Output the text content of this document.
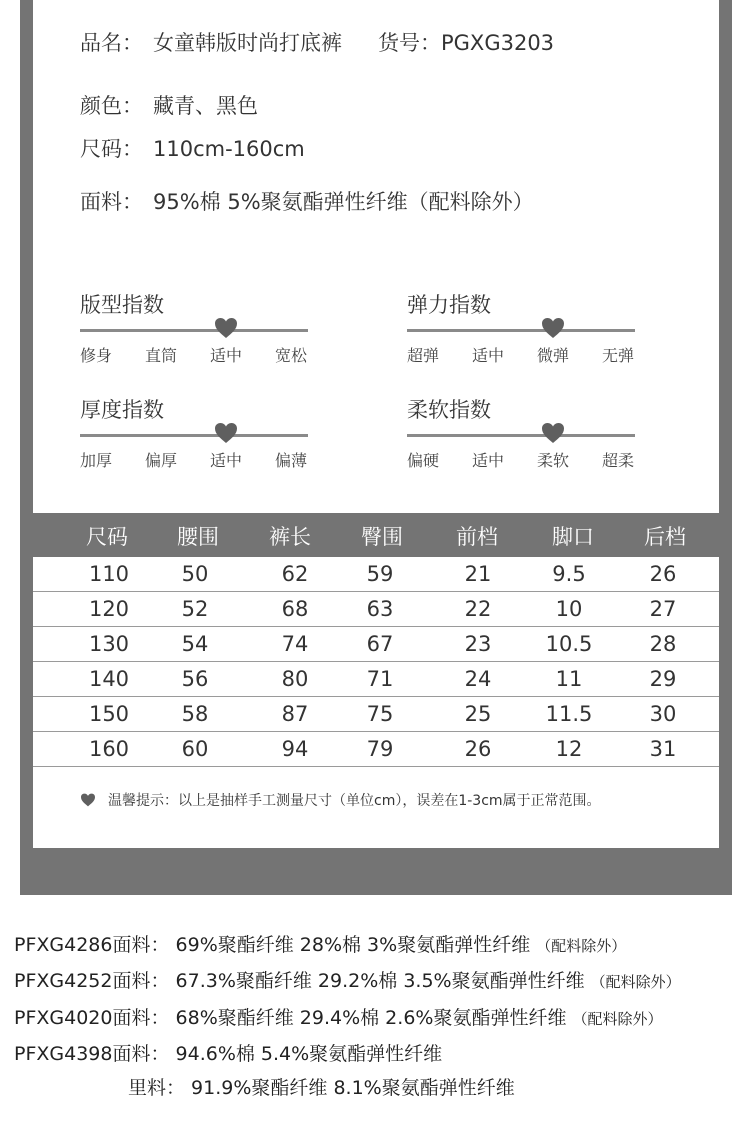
品名： 女童韩版时尚打底裤 货号：PGXG3203
颜色： 藏青、黑色
尺码： 110cm-160cm
面料： 95%棉 5%聚氨酯弹性纤维（配料除外）
版型指数
修身 直筒 适中 宽松
弹力指数
超弹 适中 微弹 无弹
厚度指数
加厚 偏厚 适中 偏薄
柔软指数
偏硬 适中 柔软 超柔
尺码 腰围 裤长 臀围	前档	脚口 后档
110	50	62	59	21	9.5	26
120	52	68	63	22	10	27
130	54	74	67	23	10.5	28
140	56	80	71	24	11	29
150	58	87	75	25	11.5	30
160	60	94	79	26	12	31
温馨提示：以上是抽样手工测量尺寸（单位cm），误差在1-3cm属于正常范围。
PFXG4286面料： 69%聚酯纤维 28%棉 3%聚氨酯弹性纤维 （配料除外）
PFXG4252面料： 67.3%聚酯纤维 29.2%棉 3.5%聚氨酯弹性纤维 （配料除外）
PFXG4020面料： 68%聚酯纤维 29.4%棉 2.6%聚氨酯弹性纤维 （配料除外）
PFXG4398面料： 94.6%棉 5.4%聚氨酯弹性纤维
里料： 91.9%聚酯纤维 8.1%聚氨酯弹性纤维
